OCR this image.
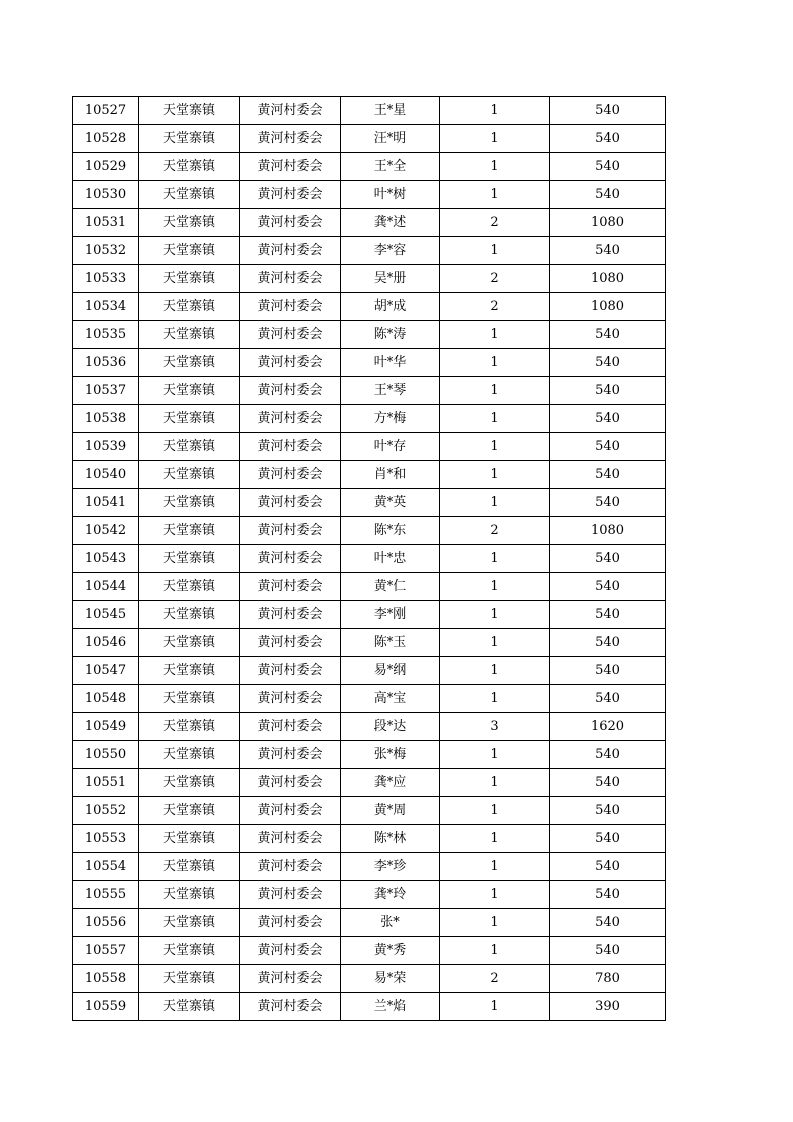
10527	天堂寨镇	黄河村委会	王*星	1	540
10528	天堂寨镇	黄河村委会	汪*明	1	540
10529	天堂寨镇	黄河村委会	王*全	1	540
10530	天堂寨镇	黄河村委会	叶*树	1	540
10531	天堂寨镇	黄河村委会	龚*述	2	1080
10532	天堂寨镇	黄河村委会	李*容	1	540
10533	天堂寨镇	黄河村委会	吴*册	2	1080
10534	天堂寨镇	黄河村委会	胡*成	2	1080
10535	天堂寨镇	黄河村委会	陈*涛	1	540
10536	天堂寨镇	黄河村委会	叶*华	1	540
10537	天堂寨镇	黄河村委会	王*琴	1	540
10538	天堂寨镇	黄河村委会	方*梅	1	540
10539	天堂寨镇	黄河村委会	叶*存	1	540
10540	天堂寨镇	黄河村委会	肖*和	1	540
10541	天堂寨镇	黄河村委会	黄*英	1	540
10542	天堂寨镇	黄河村委会	陈*东	2	1080
10543	天堂寨镇	黄河村委会	叶*忠	1	540
10544	天堂寨镇	黄河村委会	黄*仁	1	540
10545	天堂寨镇	黄河村委会	李*刚	1	540
10546	天堂寨镇	黄河村委会	陈*玉	1	540
10547	天堂寨镇	黄河村委会	易*纲	1	540
10548	天堂寨镇	黄河村委会	高*宝	1	540
10549	天堂寨镇	黄河村委会	段*达	3	1620
10550	天堂寨镇	黄河村委会	张*梅	1	540
10551	天堂寨镇	黄河村委会	龚*应	1	540
10552	天堂寨镇	黄河村委会	黄*周	1	540
10553	天堂寨镇	黄河村委会	陈*林	1	540
10554	天堂寨镇	黄河村委会	李*珍	1	540
10555	天堂寨镇	黄河村委会	龚*玲	1	540
10556	天堂寨镇	黄河村委会	张*	1	540
10557	天堂寨镇	黄河村委会	黄*秀	1	540
10558	天堂寨镇	黄河村委会	易*荣	2	780
10559	天堂寨镇	黄河村委会	兰*焰	1	390
